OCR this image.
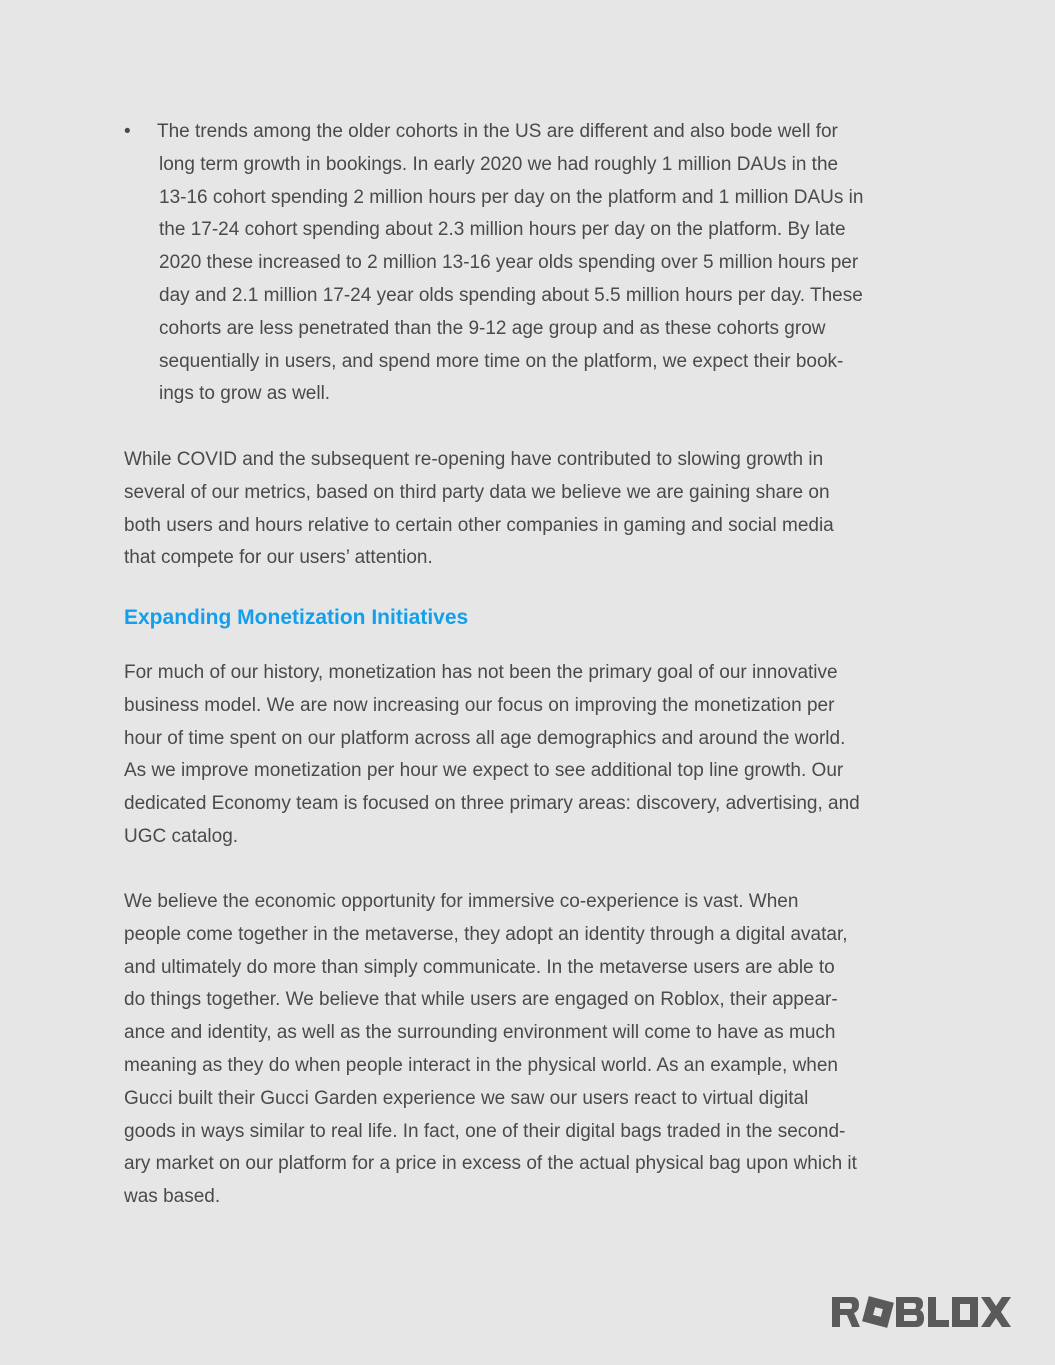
• The trends among the older cohorts in the US are different and also bode well for
long term growth in bookings. In early 2020 we had roughly 1 million DAUs in the
13-16 cohort spending 2 million hours per day on the platform and 1 million DAUs in
the 17-24 cohort spending about 2.3 million hours per day on the platform. By late
2020 these increased to 2 million 13-16 year olds spending over 5 million hours per
day and 2.1 million 17-24 year olds spending about 5.5 million hours per day. These
cohorts are less penetrated than the 9-12 age group and as these cohorts grow
sequentially in users, and spend more time on the platform, we expect their book-
ings to grow as well.
While COVID and the subsequent re-opening have contributed to slowing growth in
several of our metrics, based on third party data we believe we are gaining share on
both users and hours relative to certain other companies in gaming and social media
that compete for our users’ attention.
Expanding Monetization Initiatives
For much of our history, monetization has not been the primary goal of our innovative
business model. We are now increasing our focus on improving the monetization per
hour of time spent on our platform across all age demographics and around the world.
As we improve monetization per hour we expect to see additional top line growth. Our
dedicated Economy team is focused on three primary areas: discovery, advertising, and
UGC catalog.
We believe the economic opportunity for immersive co-experience is vast. When
people come together in the metaverse, they adopt an identity through a digital avatar,
and ultimately do more than simply communicate. In the metaverse users are able to
do things together. We believe that while users are engaged on Roblox, their appear-
ance and identity, as well as the surrounding environment will come to have as much
meaning as they do when people interact in the physical world. As an example, when
Gucci built their Gucci Garden experience we saw our users react to virtual digital
goods in ways similar to real life. In fact, one of their digital bags traded in the second-
ary market on our platform for a price in excess of the actual physical bag upon which it
was based.
